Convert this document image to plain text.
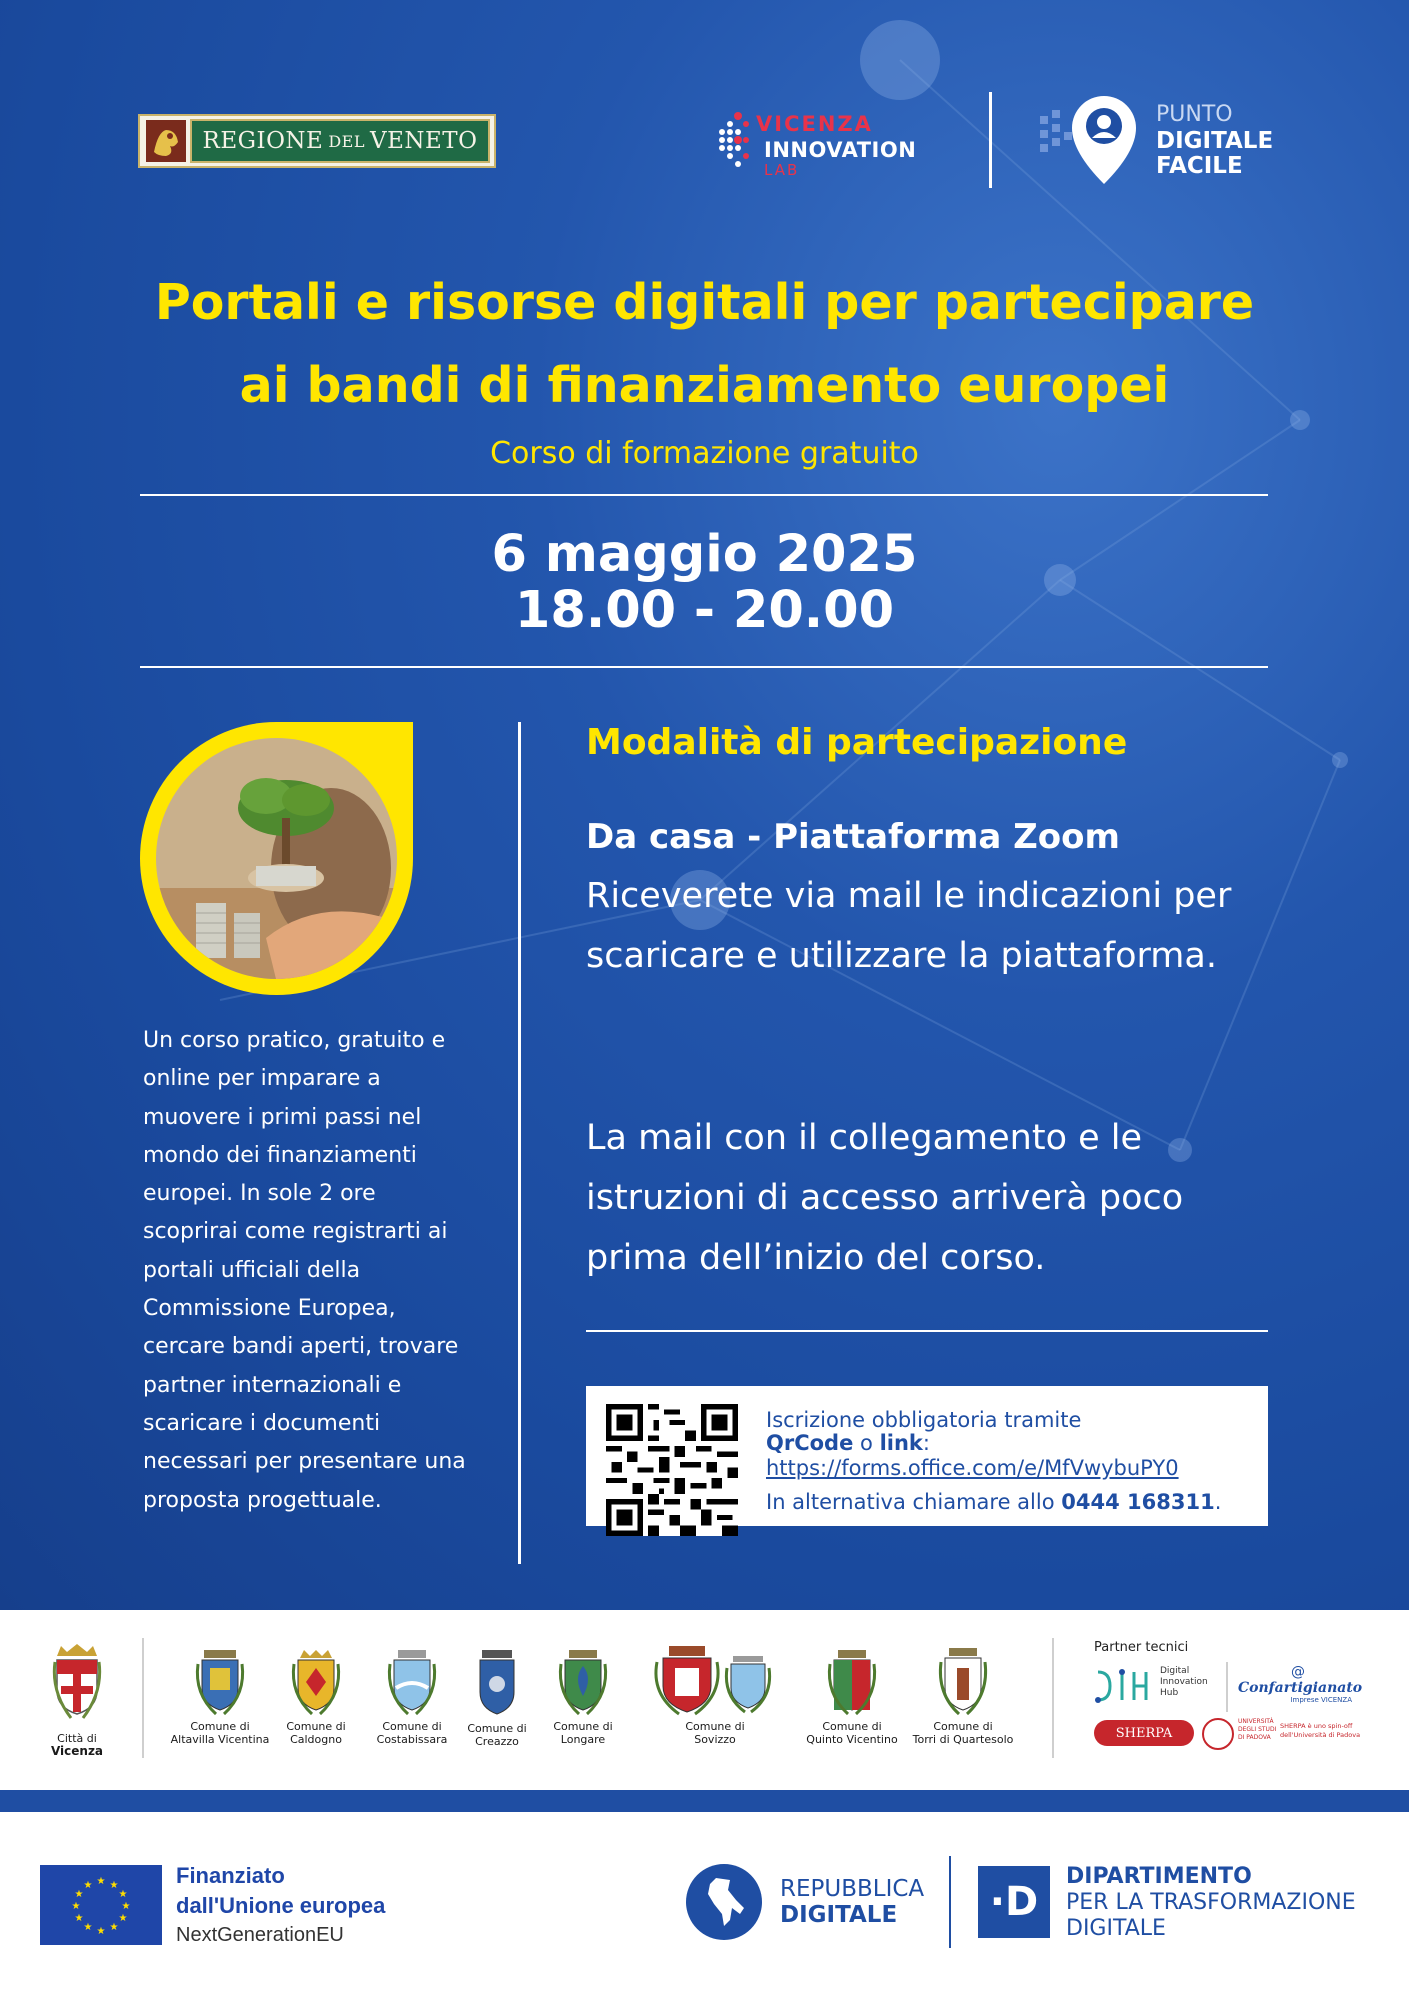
REGIONE DEL VENETO
VICENZA
INNOVATION
LAB
PUNTO
DIGITALE
FACILE
Portali e risorse digitali per partecipare
ai bandi di finanziamento europei
Corso di formazione gratuito
6 maggio 2025
18.00 - 20.00
Un corso pratico, gratuito e online per imparare a muovere i primi passi nel mondo dei finanziamenti europei. In sole 2 ore scoprirai come registrarti ai portali ufficiali della Commissione Europea, cercare bandi aperti, trovare partner internazionali e scaricare i documenti necessari per presentare una proposta progettuale.
Modalità di partecipazione
Da casa - Piattaforma Zoom
Riceverete via mail le indicazioni per scaricare e utilizzare la piattaforma.
La mail con il collegamento e le istruzioni di accesso arriverà poco prima dell’inizio del corso.
Iscrizione obbligatoria tramite
QrCode o link:
https://forms.office.com/e/MfVwybuPY0
In alternativa chiamare allo 0444 168311.
Città di
Vicenza
Comune di
Altavilla Vicentina
Comune di
Caldogno
Comune di
Costabissara
Comune di
Creazzo
Comune di
Longare
Comune di
Sovizzo
Comune di
Quinto Vicentino
Comune di
Torri di Quartesolo
Partner tecnici
Digital
Innovation
Hub
@
Confartigianato
Imprese VICENZA
SHERPA
UNIVERSITÀ
DEGLI STUDI
DI PADOVA
SHERPA è uno spin-off
dell'Università di Padova
★ ★
★
★
★
★
★
★
★
★
★
★	Finanziato
dall'Unione europea
NextGenerationEU
REPUBBLICA
DIGITALE ·D
DIPARTIMENTO
PER LA TRASFORMAZIONE
DIGITALE
